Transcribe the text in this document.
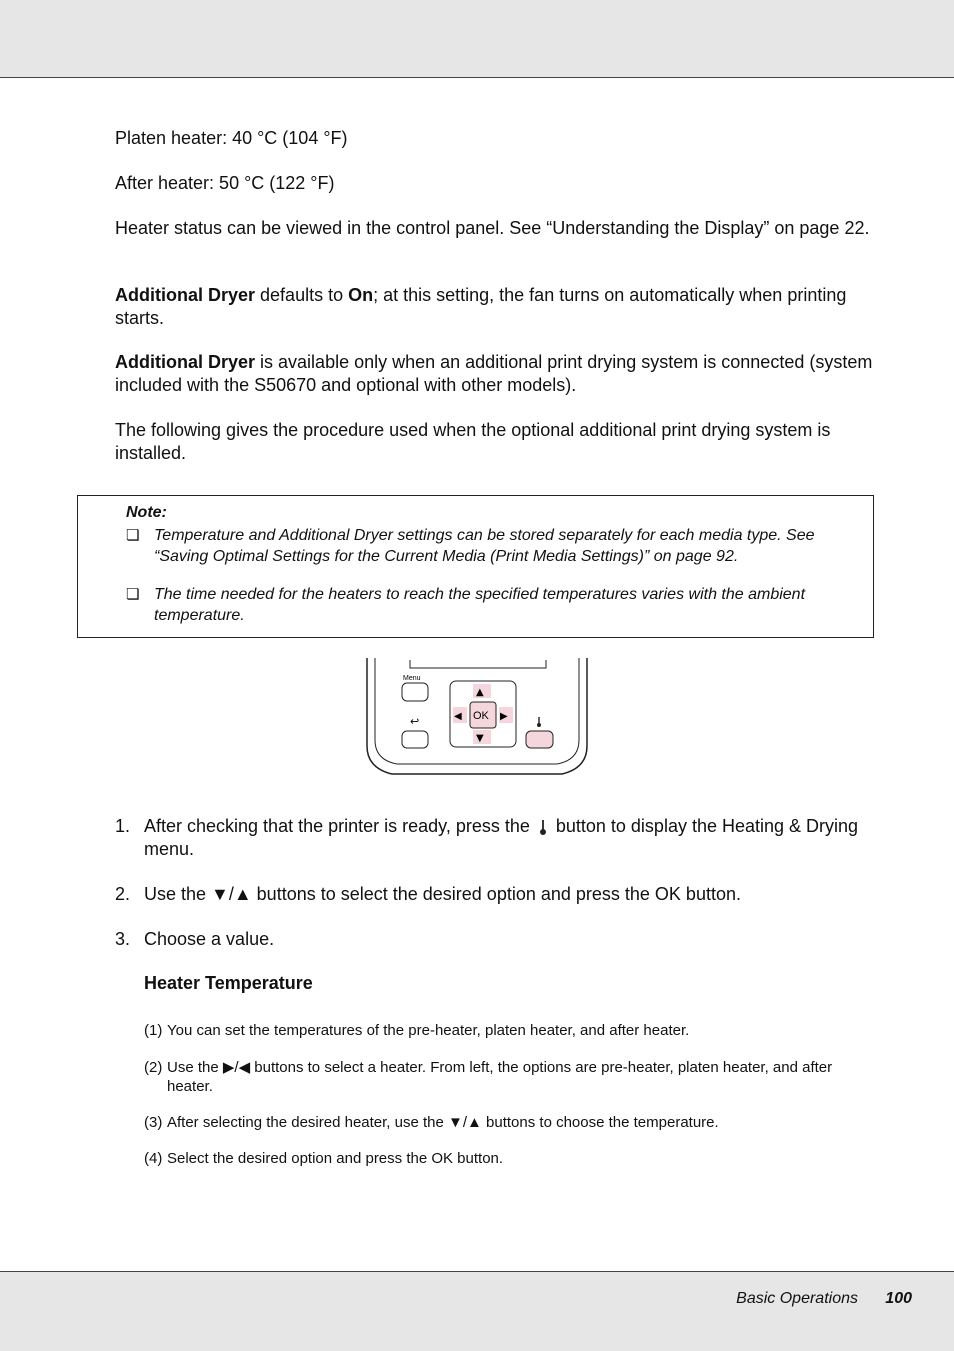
Platen heater: 40 °C (104 °F)

After heater: 50 °C (122 °F)

Heater status can be viewed in the control panel. See “Understanding the Display” on page 22.

Additional Dryer defaults to On; at this setting, the fan turns on automatically when printing starts.

Additional Dryer is available only when an additional print drying system is connected (system included with the S50670 and optional with other models).

The following gives the procedure used when the optional additional print drying system is installed.

Note:
❏ Temperature and Additional Dryer settings can be stored separately for each media type. See “Saving Optimal Settings for the Current Media (Print Media Settings)” on page 92.
❏ The time needed for the heaters to reach the specified temperatures varies with the ambient temperature.
Menu
↩
▲
▼
◀	▶
OK
1. After checking that the printer is ready, press the button to display the Heating & Drying menu.
2. Use the ▼/▲ buttons to select the desired option and press the OK button.
3. Choose a value.
Heater Temperature
(1) You can set the temperatures of the pre-heater, platen heater, and after heater.
(2) Use the ▶/◀ buttons to select a heater. From left, the options are pre-heater, platen heater, and after heater.
(3) After selecting the desired heater, use the ▼/▲ buttons to choose the temperature.
(4) Select the desired option and press the OK button.
Basic Operations 100
